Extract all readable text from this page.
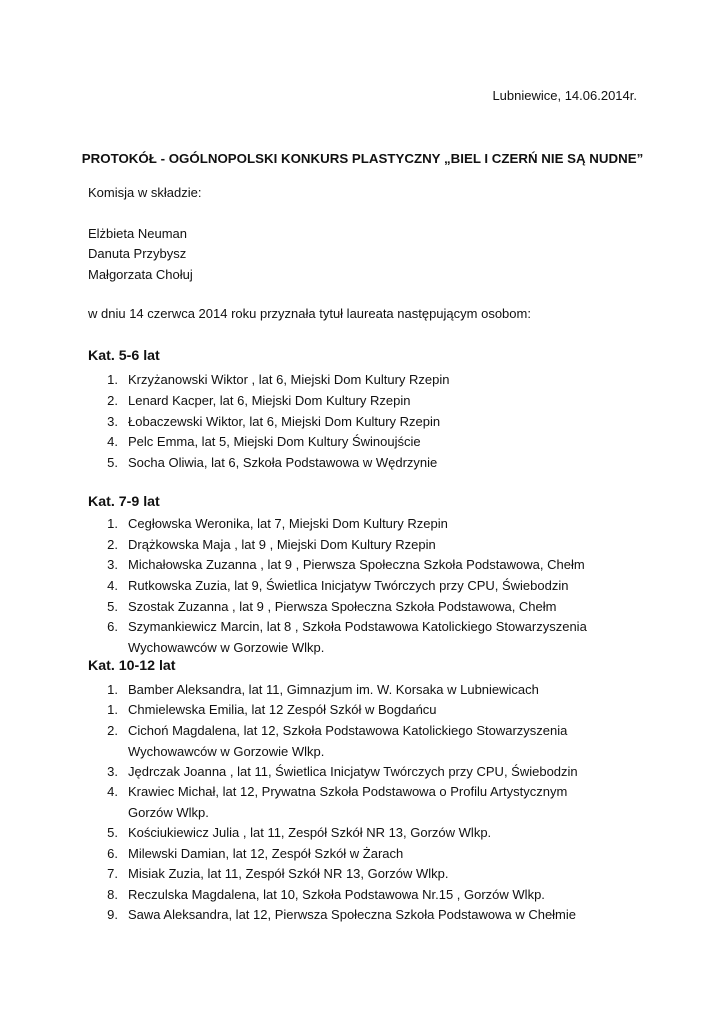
Lubniewice, 14.06.2014r.
PROTOKÓŁ - OGÓLNOPOLSKI KONKURS PLASTYCZNY „BIEL I CZERŃ NIE SĄ NUDNE”
Komisja w składzie:
Elżbieta Neuman
Danuta Przybysz
Małgorzata Chołuj
w dniu 14 czerwca 2014 roku przyznała tytuł laureata następującym osobom:
Kat. 5-6 lat
1. Krzyżanowski Wiktor , lat 6, Miejski Dom Kultury Rzepin
2. Lenard Kacper, lat 6, Miejski Dom Kultury Rzepin
3. Łobaczewski Wiktor, lat 6, Miejski Dom Kultury Rzepin
4. Pelc Emma, lat 5, Miejski Dom Kultury Świnoujście
5. Socha Oliwia, lat 6, Szkoła Podstawowa w Wędrzynie
Kat. 7-9 lat
1. Cegłowska Weronika, lat 7, Miejski Dom Kultury Rzepin
2. Drążkowska Maja , lat 9 , Miejski Dom Kultury Rzepin
3. Michałowska Zuzanna , lat 9 , Pierwsza Społeczna Szkoła Podstawowa, Chełm
4. Rutkowska Zuzia, lat 9, Świetlica Inicjatyw Twórczych przy CPU, Świebodzin
5. Szostak Zuzanna , lat 9 , Pierwsza Społeczna Szkoła Podstawowa, Chełm
6. Szymankiewicz Marcin, lat 8 , Szkoła Podstawowa Katolickiego Stowarzyszenia Wychowawców w Gorzowie Wlkp.
Kat. 10-12 lat
1. Bamber Aleksandra, lat 11, Gimnazjum im. W. Korsaka w Lubniewicach
1. Chmielewska Emilia, lat 12 Zespół Szkół w Bogdańcu
2. Cichoń Magdalena, lat 12, Szkoła Podstawowa Katolickiego Stowarzyszenia Wychowawców w Gorzowie Wlkp.
3. Jędrczak Joanna , lat 11, Świetlica Inicjatyw Twórczych przy CPU, Świebodzin
4. Krawiec Michał, lat 12, Prywatna Szkoła Podstawowa o Profilu Artystycznym Gorzów Wlkp.
5. Kościukiewicz Julia , lat 11, Zespół Szkół NR 13, Gorzów Wlkp.
6. Milewski Damian, lat 12, Zespół Szkół w Żarach
7. Misiak Zuzia, lat 11, Zespół Szkół NR 13, Gorzów Wlkp.
8. Reczulska Magdalena, lat 10, Szkoła Podstawowa Nr.15 , Gorzów Wlkp.
9. Sawa Aleksandra, lat 12, Pierwsza Społeczna Szkoła Podstawowa w Chełmie
